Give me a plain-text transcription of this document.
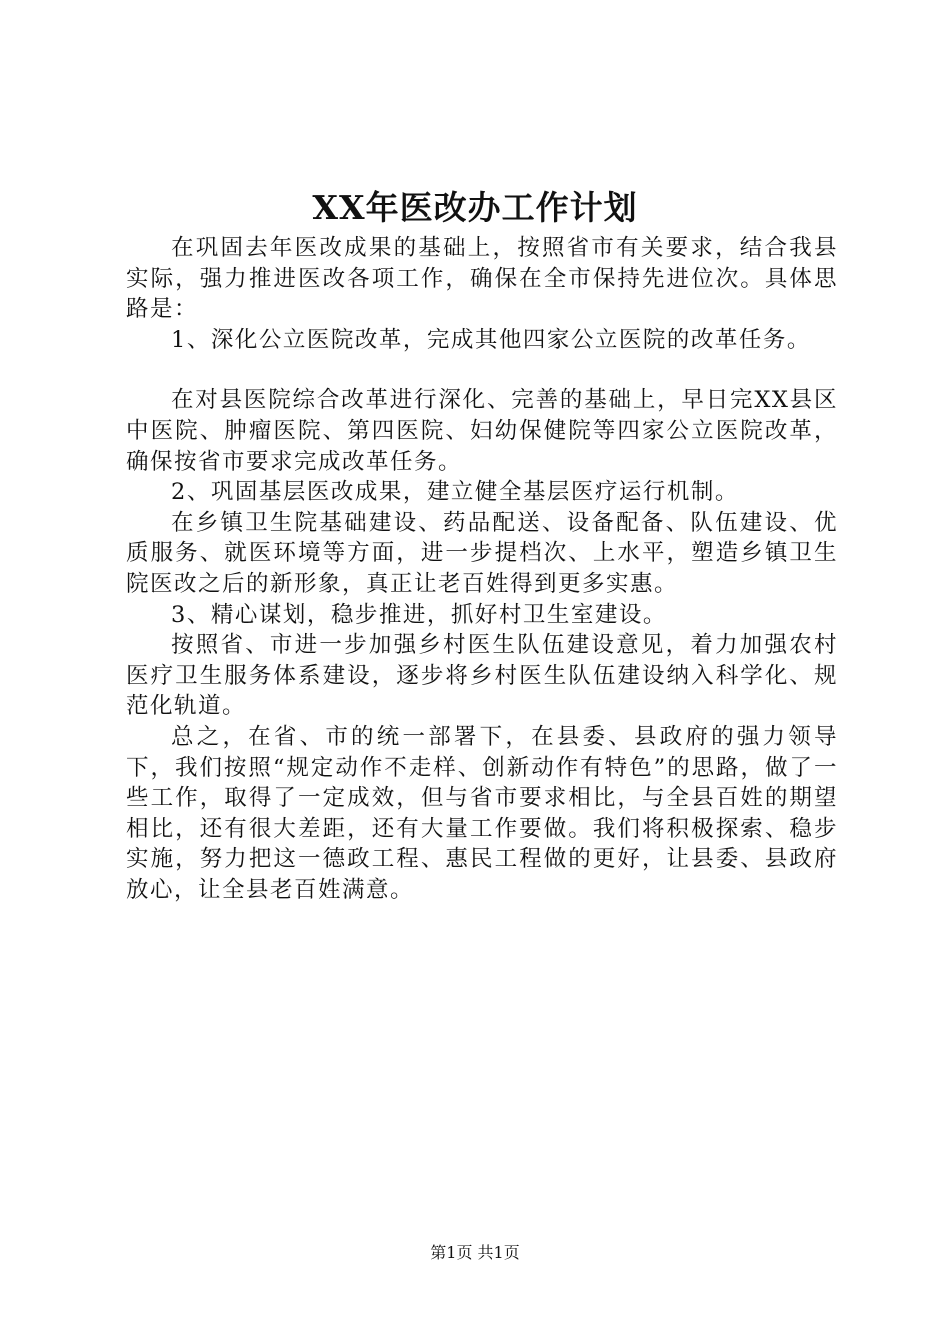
XX年医改办工作计划

在巩固去年医改成果的基础上，按照省市有关要求，结合我县实际，强力推进医改各项工作，确保在全市保持先进位次。具体思路是：

1、深化公立医院改革，完成其他四家公立医院的改革任务。

在对县医院综合改革进行深化、完善的基础上，早日完XX县区中医院、肿瘤医院、第四医院、妇幼保健院等四家公立医院改革，确保按省市要求完成改革任务。

2、巩固基层医改成果，建立健全基层医疗运行机制。

在乡镇卫生院基础建设、药品配送、设备配备、队伍建设、优质服务、就医环境等方面，进一步提档次、上水平，塑造乡镇卫生院医改之后的新形象，真正让老百姓得到更多实惠。

3、精心谋划，稳步推进，抓好村卫生室建设。

按照省、市进一步加强乡村医生队伍建设意见，着力加强农村医疗卫生服务体系建设，逐步将乡村医生队伍建设纳入科学化、规范化轨道。

总之，在省、市的统一部署下，在县委、县政府的强力领导下，我们按照“规定动作不走样、创新动作有特色”的思路，做了一些工作，取得了一定成效，但与省市要求相比，与全县百姓的期望相比，还有很大差距，还有大量工作要做。我们将积极探索、稳步实施，努力把这一德政工程、惠民工程做的更好，让县委、县政府放心，让全县老百姓满意。

第1页 共1页
